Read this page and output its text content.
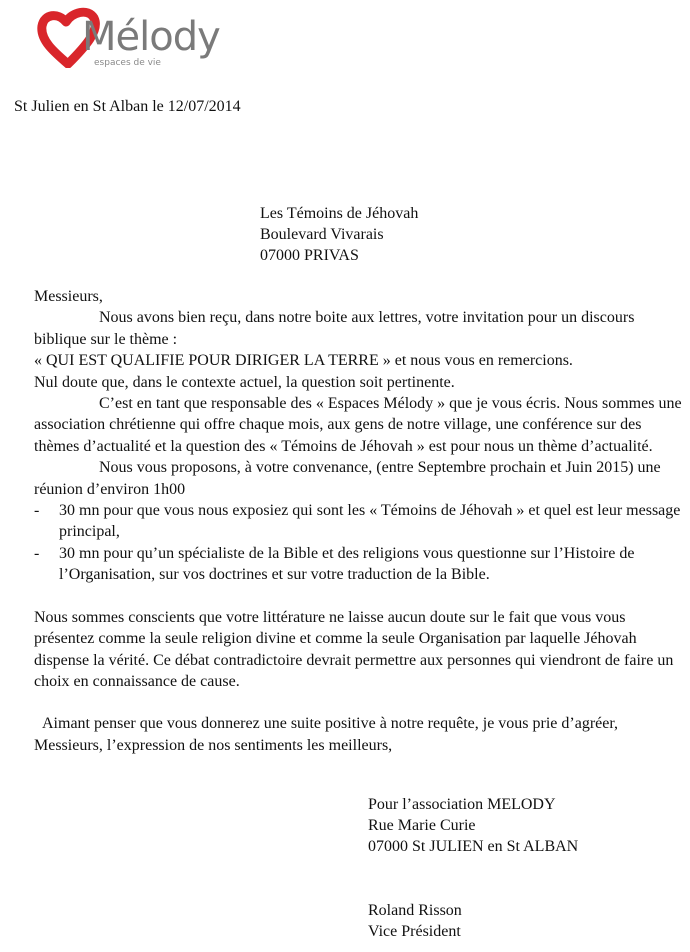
Mélody
espaces de vie
St Julien en St Alban le 12/07/2014
Les Témoins de Jéhovah
Boulevard Vivarais
07000 PRIVAS

Messieurs,

Nous avons bien reçu, dans notre boite aux lettres, votre invitation pour un discours biblique sur le thème :

« QUI EST QUALIFIE POUR DIRIGER LA TERRE » et nous vous en remercions.

Nul doute que, dans le contexte actuel, la question soit pertinente.

C’est en tant que responsable des « Espaces Mélody » que je vous écris. Nous sommes une association chrétienne qui offre chaque mois, aux gens de notre village, une conférence sur des thèmes d’actualité et la question des « Témoins de Jéhovah » est pour nous un thème d’actualité.

Nous vous proposons, à votre convenance, (entre Septembre prochain et Juin 2015) une réunion d’environ 1h00

- 30 mn pour que vous nous exposiez qui sont les « Témoins de Jéhovah » et quel est leur message principal,
- 30 mn pour qu’un spécialiste de la Bible et des religions vous questionne sur l’Histoire de l’Organisation, sur vos doctrines et sur votre traduction de la Bible.

Nous sommes conscients que votre littérature ne laisse aucun doute sur le fait que vous vous présentez comme la seule religion divine et comme la seule Organisation par laquelle Jéhovah dispense la vérité. Ce débat contradictoire devrait permettre aux personnes qui viendront de faire un choix en connaissance de cause.

Aimant penser que vous donnerez une suite positive à notre requête, je vous prie d’agréer, Messieurs, l’expression de nos sentiments les meilleurs,

Pour l’association MELODY
Rue Marie Curie
07000 St JULIEN en St ALBAN
Roland Risson
Vice Président
